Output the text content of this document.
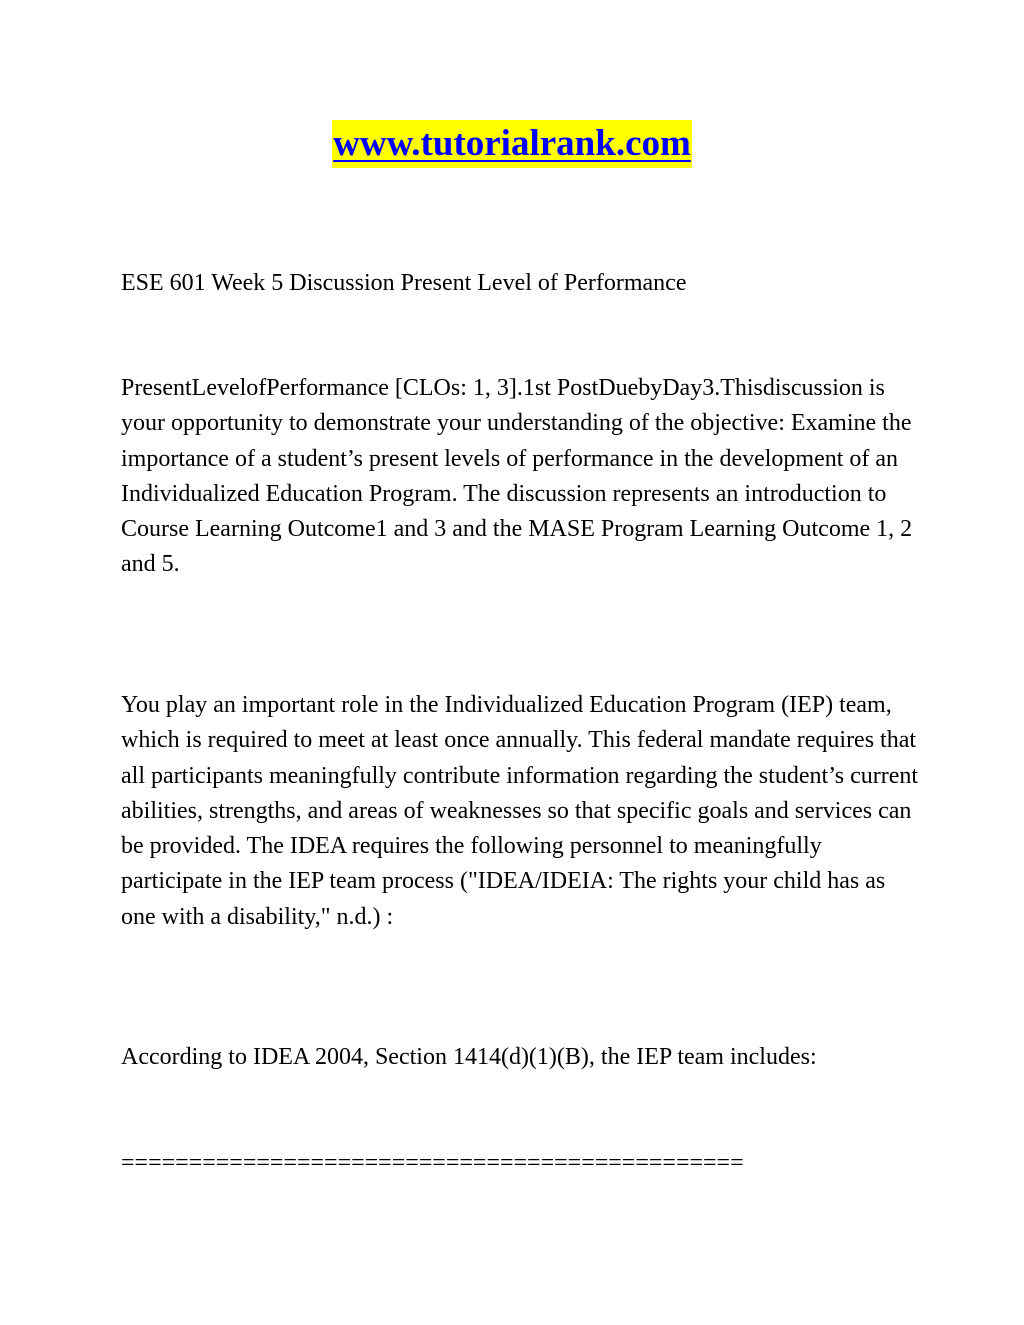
www.tutorialrank.com

ESE 601 Week 5 Discussion Present Level of Performance

PresentLevelofPerformance [CLOs: 1, 3].1st PostDuebyDay3.Thisdiscussion is your opportunity to demonstrate your understanding of the objective: Examine the importance of a student’s present levels of performance in the development of an Individualized Education Program. The discussion represents an introduction to Course Learning Outcome1 and 3 and the MASE Program Learning Outcome 1, 2 and 5.

You play an important role in the Individualized Education Program (IEP) team, which is required to meet at least once annually. This federal mandate requires that all participants meaningfully contribute information regarding the student’s current abilities, strengths, and areas of weaknesses so that specific goals and services can be provided. The IDEA requires the following personnel to meaningfully participate in the IEP team process ("IDEA/IDEIA: The rights your child has as one with a disability," n.d.) :

According to IDEA 2004, Section 1414(d)(1)(B), the IEP team includes:

==============================================
